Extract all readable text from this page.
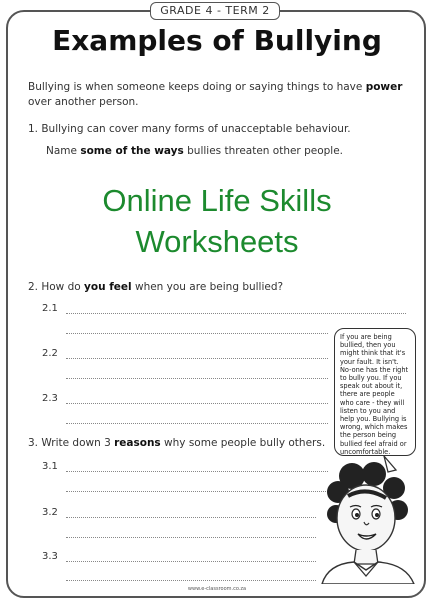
GRADE 4 - TERM 2
Examples of Bullying
Bullying is when someone keeps doing or saying things to have power over another person.
1. Bullying can cover many forms of unacceptable behaviour.
Name some of the ways bullies threaten other people.
Online Life Skills
Worksheets
2. How do you feel when you are being bullied?
2.1
2.2
2.3
3. Write down 3 reasons why some people bully others.
3.1
3.2
3.3
If you are being bullied, then you might think that it's your fault. It isn't. No-one has the right to bully you. If you speak out about it, there are people who care - they will listen to you and help you. Bullying is wrong, which makes the person being bullied feel afraid or uncomfortable.
www.e-classroom.co.za
